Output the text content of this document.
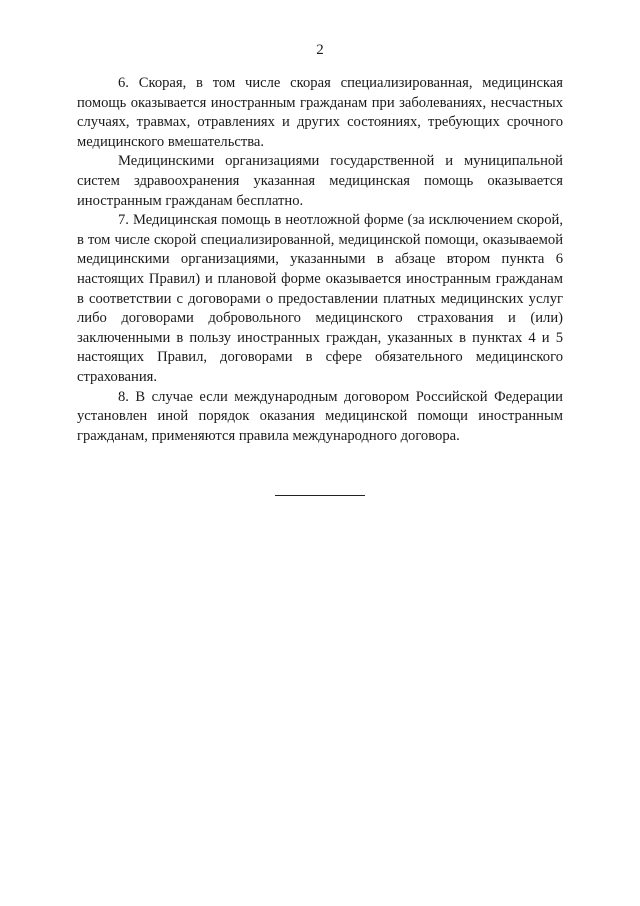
2

6. Скорая, в том числе скорая специализированная, медицинская помощь оказывается иностранным гражданам при заболеваниях, несчастных случаях, травмах, отравлениях и других состояниях, требующих срочного медицинского вмешательства.

Медицинскими организациями государственной и муниципальной систем здравоохранения указанная медицинская помощь оказывается иностранным гражданам бесплатно.

7. Медицинская помощь в неотложной форме (за исключением скорой, в том числе скорой специализированной, медицинской помощи, оказываемой медицинскими организациями, указанными в абзаце втором пункта 6 настоящих Правил) и плановой форме оказывается иностранным гражданам в соответствии с договорами о предоставлении платных медицинских услуг либо договорами добровольного медицинского страхования и (или) заключенными в пользу иностранных граждан, указанных в пунктах 4 и 5 настоящих Правил, договорами в сфере обязательного медицинского страхования.

8. В случае если международным договором Российской Федерации установлен иной порядок оказания медицинской помощи иностранным гражданам, применяются правила международного договора.
